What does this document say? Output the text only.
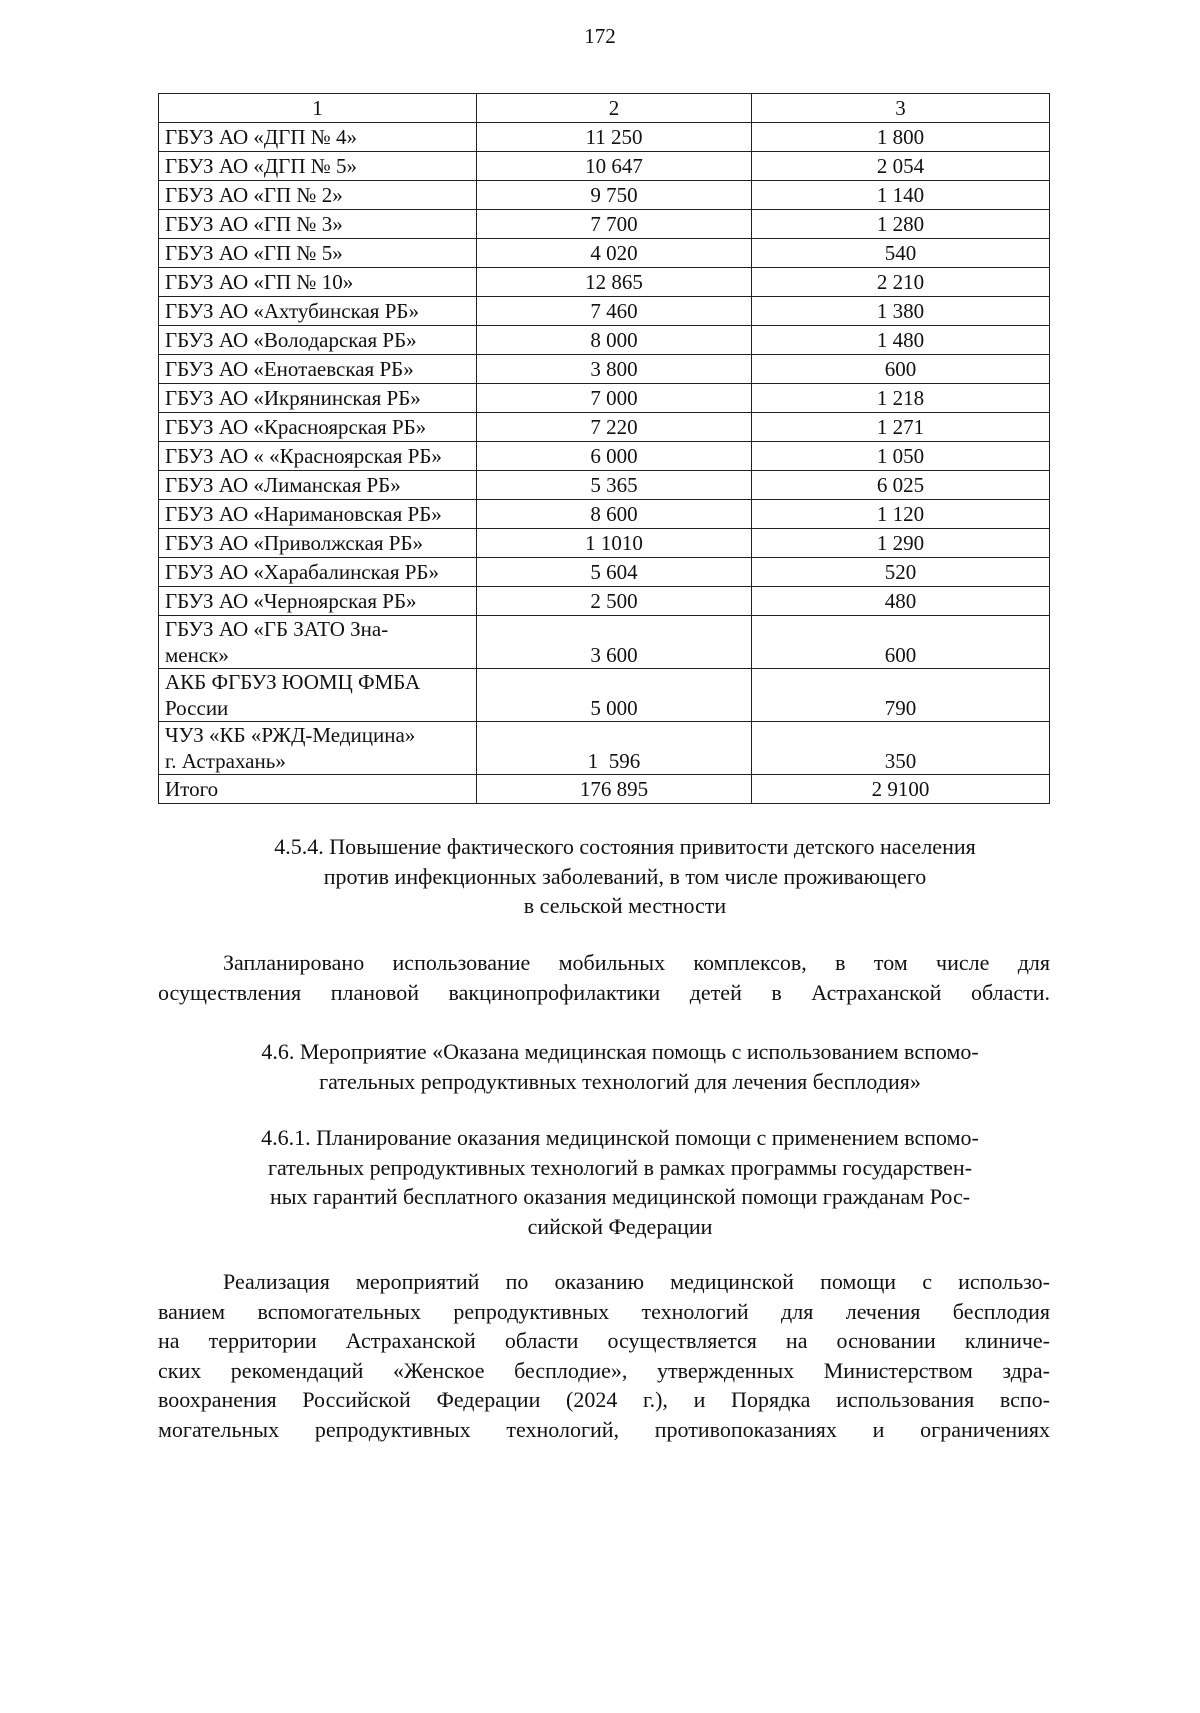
172
1	2	3

ГБУЗ АО «ДГП № 4»	11 250	1 800

ГБУЗ АО «ДГП № 5»	10 647	2 054

ГБУЗ АО «ГП № 2»	9 750	1 140

ГБУЗ АО «ГП № 3»	7 700	1 280

ГБУЗ АО «ГП № 5»	4 020	540

ГБУЗ АО «ГП № 10»	12 865	2 210

ГБУЗ АО «Ахтубинская РБ»	7 460	1 380

ГБУЗ АО «Володарская РБ»	8 000	1 480

ГБУЗ АО «Енотаевская РБ»	3 800	600

ГБУЗ АО «Икрянинская РБ»	7 000	1 218

ГБУЗ АО «Красноярская РБ»	7 220	1 271

ГБУЗ АО « «Красноярская РБ»	6 000	1 050

ГБУЗ АО «Лиманская РБ»	5 365	6 025

ГБУЗ АО «Наримановская РБ»	8 600	1 120

ГБУЗ АО «Приволжская РБ»	1 1010	1 290

ГБУЗ АО «Харабалинская РБ»	5 604	520

ГБУЗ АО «Черноярская РБ»	2 500	480

ГБУЗ АО «ГБ ЗАТО Зна-
менск»	3 600	600

АКБ ФГБУЗ ЮОМЦ ФМБА
России	5 000	790

ЧУЗ «КБ «РЖД-Медицина»
г. Астрахань»	1  596	350

Итого	176 895	2 9100
4.5.4. Повышение фактического состояния привитости детского населения
против инфекционных заболеваний, в том числе проживающего
в сельской местности
Запланировано использование мобильных комплексов, в том числе для
осуществления плановой вакцинопрофилактики детей в Астраханской области.
4.6. Мероприятие «Оказана медицинская помощь с использованием вспомо-
гательных репродуктивных технологий для лечения бесплодия»
4.6.1. Планирование оказания медицинской помощи с применением вспомо-
гательных репродуктивных технологий в рамках программы государствен-
ных гарантий бесплатного оказания медицинской помощи гражданам Рос-
сийской Федерации
Реализация мероприятий по оказанию медицинской помощи с использо-
ванием вспомогательных репродуктивных технологий для лечения бесплодия
на территории Астраханской области осуществляется на основании клиниче-
ских рекомендаций «Женское бесплодие», утвержденных Министерством здра-
воохранения Российской Федерации (2024 г.), и Порядка использования вспо-
могательных репродуктивных технологий, противопоказаниях и ограничениях
